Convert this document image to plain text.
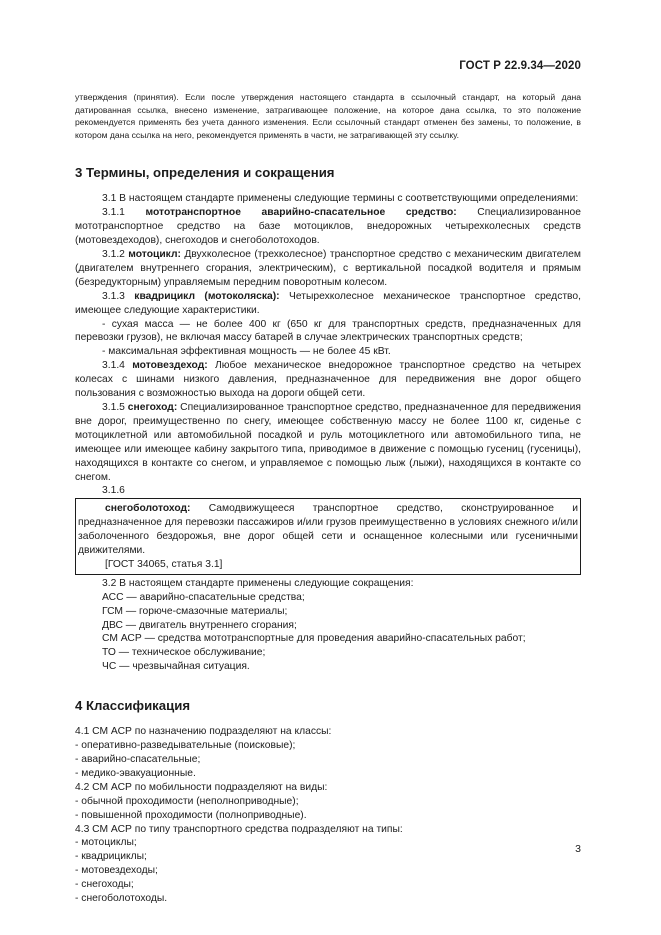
ГОСТ Р 22.9.34—2020

утверждения (принятия). Если после утверждения настоящего стандарта в ссылочный стандарт, на который дана датированная ссылка, внесено изменение, затрагивающее положение, на которое дана ссылка, то это положение рекомендуется применять без учета данного изменения. Если ссылочный стандарт отменен без замены, то положение, в котором дана ссылка на него, рекомендуется применять в части, не затрагивающей эту ссылку.

3 Термины, определения и сокращения

3.1 В настоящем стандарте применены следующие термины с соответствующими определениями:

3.1.1 мототранспортное аварийно-спасательное средство: Специализированное мототранспортное средство на базе мотоциклов, внедорожных четырехколесных средств (мотовездеходов), снегоходов и снегоболотоходов.

3.1.2 мотоцикл: Двухколесное (трехколесное) транспортное средство с механическим двигателем (двигателем внутреннего сгорания, электрическим), с вертикальной посадкой водителя и прямым (безредукторным) управляемым передним поворотным колесом.

3.1.3 квадрицикл (мотоколяска): Четырехколесное механическое транспортное средство, имеющее следующие характеристики.

- сухая масса — не более 400 кг (650 кг для транспортных средств, предназначенных для перевозки грузов), не включая массу батарей в случае электрических транспортных средств;

- максимальная эффективная мощность — не более 45 кВт.

3.1.4 мотовездеход: Любое механическое внедорожное транспортное средство на четырех колесах с шинами низкого давления, предназначенное для передвижения вне дорог общего пользования с возможностью выхода на дороги общей сети.

3.1.5 снегоход: Специализированное транспортное средство, предназначенное для передвижения вне дорог, преимущественно по снегу, имеющее собственную массу не более 1100 кг, сиденье с мотоциклетной или автомобильной посадкой и руль мотоциклетного или автомобильного типа, не имеющее или имеющее кабину закрытого типа, приводимое в движение с помощью гусениц (гусеницы), находящихся в контакте со снегом, и управляемое с помощью лыж (лыжи), находящихся в контакте со снегом.

3.1.6

снегоболотоход: Самодвижущееся транспортное средство, сконструированное и предназначенное для перевозки пассажиров и/или грузов преимущественно в условиях снежного и/или заболоченного бездорожья, вне дорог общей сети и оснащенное колесными или гусеничными движителями.

[ГОСТ 34065, статья 3.1]

3.2 В настоящем стандарте применены следующие сокращения:

АСС — аварийно-спасательные средства;

ГСМ — горюче-смазочные материалы;

ДВС — двигатель внутреннего сгорания;

СМ АСР — средства мототранспортные для проведения аварийно-спасательных работ;

ТО — техническое обслуживание;

ЧС — чрезвычайная ситуация.

4 Классификация

4.1 СМ АСР по назначению подразделяют на классы:

- оперативно-разведывательные (поисковые);

- аварийно-спасательные;

- медико-эвакуационные.

4.2 СМ АСР по мобильности подразделяют на виды:

- обычной проходимости (неполноприводные);

- повышенной проходимости (полноприводные).

4.3 СМ АСР по типу транспортного средства подразделяют на типы:

- мотоциклы;

- квадрициклы;

- мотовездеходы;

- снегоходы;

- снегоболотоходы.

3
